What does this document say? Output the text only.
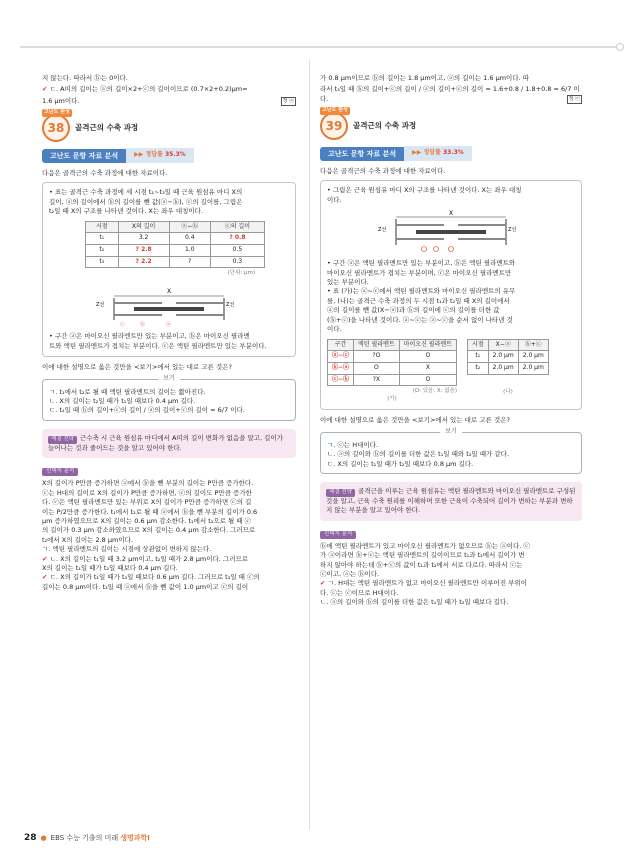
지 않는다. 따라서 ⓑ는 0이다.
✔ ㄷ. A띠의 길이는 ⓐ의 길이×2+ⓒ의 길이이므로 (0.7×2+0.2)μm=
1.6 μm이다.	정 ⓐ
고난도 완성
38 골격근의 수축 과정
고난도 문항 자료 분석	▶▶ 정답률 35.3%
다음은 골격근의 수축 과정에 대한 자료이다.
• 표는 골격근 수축 과정에 세 시점 t₁~t₃일 때 근육 원섬유 마디 X의
길이, ⓐ의 길이에서 ⓑ의 길이를 뺀 값(ⓐ−ⓑ), ⓒ의 길이를, 그림은
t₂일 때 X의 구조를 나타낸 것이다. X는 좌우 대칭이다.
시점	X의 길이	ⓐ−ⓑ	ⓒ의 길이
t₁	3.2	0.4	? 0.8
t₂	? 2.8	1.0	0.5
t₃	? 2.2	?	0.3
(단위: μm)
X
Z선	Z선
ⓐ
ⓑ
ⓒ
• 구간 ⓐ은 마이오신 필라멘트만 있는 부분이고, ⓑ은 마이오신 필라멘
트와 액틴 필라멘트가 겹치는 부분이다. ⓒ은 액틴 필라멘트만 있는 부분이다.
이에 대한 설명으로 옳은 것만을 <보기>에서 있는 대로 고른 것은?
보기
ㄱ. t₁에서 t₂로 될 때 액틴 필라멘트의 길이는 짧아진다.
ㄴ. X의 길이는 t₂일 때가 t₁일 때보다 0.4 μm 길다.
ㄷ. t₂일 때 ⓑ의 길이+ⓒ의 길이 / ⓐ의 길이+ⓒ의 길이 = 6/7 이다.
해결 전략 근수축 시 근육 원섬유 마디에서 A띠의 길이 변화가 없음을 알고, 길이가 늘어나는 것과 줄어드는 것을 알고 있어야 한다.
선택지 분석
X의 길이가 P만큼 증가하면 ⓐ에서 ⓑ을 뺀 부분의 길이는 P만큼 증가한다.
ⓒ는 H대의 길이로 X의 길이가 P만큼 증가하면, ⓒ의 길이도 P만큼 증가한
다. ⓒ은 액틴 필라멘트만 있는 부위로 X의 길이가 P만큼 증가하면 ⓒ의 길
이는 P/2만큼 증가한다. t₁에서 t₂로 될 때 ⓐ에서 ⓑ을 뺀 부분의 길이가 0.6
μm 증가하였으므로 X의 길이는 0.6 μm 감소한다. t₁에서 t₂으로 될 때 ⓒ
의 길이가 0.3 μm 감소하였으므로 X의 길이는 0.4 μm 감소한다. 그러므로
t₂에서 X의 길이는 2.8 μm이다.
ㄱ. 액틴 필라멘트의 길이는 시점에 상관없이 변하지 않는다.
✔ ㄴ. X의 길이는 t₁일 때 3.2 μm이고, t₂일 때가 2.8 μm이다. 그러므로
X의 길이는 t₁일 때가 t₂일 때보다 0.4 μm 길다.
✔ ㄷ. X의 길이가 t₁일 때가 t₃일 때보다 0.6 μm 길다. 그러므로 t₃일 때 ⓒ의
길이는 0.8 μm이다. t₃일 때 ⓐ에서 ⓑ을 뺀 값이 1.0 μm이고 ⓒ의 길이
가 0.8 μm이므로 ⓑ의 길이는 1.8 μm이고, ⓐ의 길이는 1.6 μm이다. 따
라서 t₃일 때 ⓑ의 길이+ⓒ의 길이 / ⓐ의 길이+ⓒ의 길이 = 1.6+0.8 / 1.8+0.8 = 6/7 이다.	정 ⓔ
고난도 완성
39 골격근의 수축 과정
고난도 문항 자료 분석	▶▶ 정답률 33.3%
다음은 골격근의 수축 과정에 대한 자료이다.
• 그림은 근육 원섬유 마디 X의 구조를 나타낸 것이다. X는 좌우 대칭
이다.
X
Z선	Z선
• 구간 ⓐ은 액틴 필라멘트만 있는 부분이고, ⓑ은 액틴 필라멘트와
마이오신 필라멘트가 겹치는 부분이며, ⓒ은 마이오신 필라멘트만
있는 부분이다.
• 표 (가)는 ⓐ~ⓒ에서 액틴 필라멘트와 마이오신 필라멘트의 유무
를, (나)는 골격근 수축 과정의 두 시점 t₁과 t₂일 때 X의 길이에서
ⓐ의 길이를 뺀 값(X−ⓐ)과 ⓑ의 길이에 ⓒ의 길이를 더한 값
(ⓑ+ⓒ)을 나타낸 것이다. ⓐ~ⓒ는 ⓐ~ⓒ을 순서 없이 나타낸 것
이다.
구간	액틴 필라멘트	마이오신 필라멘트
ⓐ−ⓒ	?O	O
ⓑ−ⓐ	O	X
ⓒ−ⓑ	?X	O
(O: 있음, X: 없음)
(가)
시점	X−ⓐ	ⓑ+ⓒ
t₁	2.0 μm	2.0 μm
t₂	2.0 μm	2.0 μm
(나)
이에 대한 설명으로 옳은 것만을 <보기>에서 있는 대로 고른 것은?
보기
ㄱ. ⓒ는 H대이다.
ㄴ. ⓐ의 길이와 ⓑ의 길이를 더한 값은 t₁일 때와 t₂일 때가 같다.
ㄷ. X의 길이는 t₁일 때가 t₂일 때보다 0.8 μm 길다.
해결 전략 골격근을 이루는 근육 원섬유는 액틴 필라멘트와 마이오신 필라멘트로 구성된 것을 알고, 근육 수축 원리를 이해하며 또한 근육이 수축되어 길이가 변하는 부분과 변하지 않는 부분을 알고 있어야 한다.
선택지 분석
ⓑ에 액틴 필라멘트가 있고 마이오신 필라멘트가 없으므로 ⓑ는 ⓐ이다. ⓒ
가 ⓐ이라면 ⓑ+ⓒ는 액틴 필라멘트의 길이이므로 t₁과 t₂에서 길이가 변
하지 않아야 하는데 ⓑ+ⓒ의 값이 t₁과 t₂에서 서로 다르다. 따라서 ⓒ는
ⓒ이고, ⓐ는 ⓑ이다.
✔ ㄱ. H대는 액틴 필라멘트가 없고 마이오신 필라멘트만 이루어진 부위이
다. ⓒ는 ⓒ이므로 H대이다.
ㄴ. ⓐ의 길이와 ⓑ의 길이를 더한 값은 t₁일 때가 t₂일 때보다 길다.
28 ● EBS 수능 기출의 미래 생명과학Ⅰ
